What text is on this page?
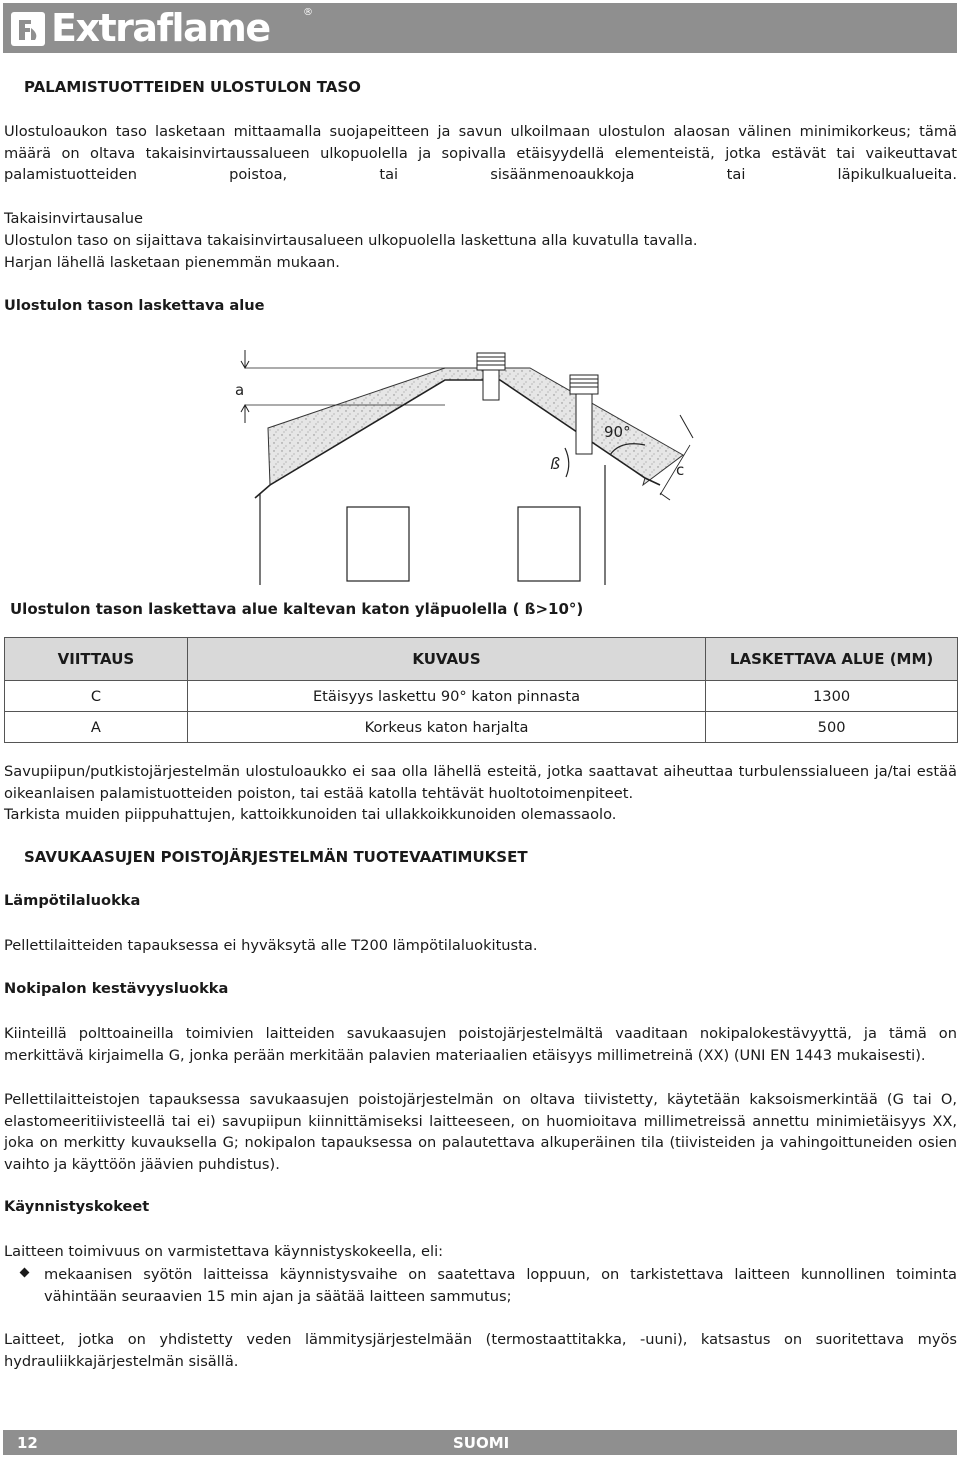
Extraflame	®
PALAMISTUOTTEIDEN ULOSTULON TASO

Ulostuloaukon taso lasketaan mittaamalla suojapeitteen ja savun ulkoilmaan ulostulon alaosan välinen minimikorkeus; tämä määrä on oltava takaisinvirtaussalueen ulkopuolella ja sopivalla etäisyydellä elementeistä, jotka estävät tai vaikeuttavat palamistuotteiden poistoa, tai sisäänmenoaukkoja tai läpikulkualueita.

Takaisinvirtausalue

Ulostulon taso on sijaittava takaisinvirtausalueen ulkopuolella laskettuna alla kuvatulla tavalla.

Harjan lähellä lasketaan pienemmän mukaan.

Ulostulon tason laskettava alue
a
c
90°
ß

Ulostulon tason laskettava alue kaltevan katon yläpuolella ( ß>10°)

VIITTAUS	KUVAUS	LASKETTAVA ALUE (MM)
C	Etäisyys laskettu 90° katon pinnasta	1300
A	Korkeus katon harjalta	500

Savupiipun/putkistojärjestelmän ulostuloaukko ei saa olla lähellä esteitä, jotka saattavat aiheuttaa turbulenssialueen ja/tai estää oikeanlaisen palamistuotteiden poiston, tai estää katolla tehtävät huoltotoimenpiteet.

Tarkista muiden piippuhattujen, kattoikkunoiden tai ullakkoikkunoiden olemassaolo.

SAVUKAASUJEN POISTOJÄRJESTELMÄN TUOTEVAATIMUKSET
Lämpötilaluokka

Pellettilaitteiden tapauksessa ei hyväksytä alle T200 lämpötilaluokitusta.

Nokipalon kestävyysluokka

Kiinteillä polttoaineilla toimivien laitteiden savukaasujen poistojärjestelmältä vaaditaan nokipalokestävyyttä, ja tämä on merkittävä kirjaimella G, jonka perään merkitään palavien materiaalien etäisyys millimetreinä (XX) (UNI EN 1443 mukaisesti).

Pellettilaitteistojen tapauksessa savukaasujen poistojärjestelmän on oltava tiivistetty, käytetään kaksoismerkintää (G tai O, elastomeeritiivisteellä tai ei) savupiipun kiinnittämiseksi laitteeseen, on huomioitava millimetreissä annettu minimietäisyys XX, joka on merkitty kuvauksella G; nokipalon tapauksessa on palautettava alkuperäinen tila (tiivisteiden ja vahingoittuneiden osien vaihto ja käyttöön jäävien puhdistus).

Käynnistyskokeet

Laitteen toimivuus on varmistettava käynnistyskokeella, eli:

mekaanisen syötön laitteissa käynnistysvaihe on saatettava loppuun, on tarkistettava laitteen kunnollinen toiminta vähintään seuraavien 15 min ajan ja säätää laitteen sammutus;

Laitteet, jotka on yhdistetty veden lämmitysjärjestelmään (termostaattitakka, -uuni), katsastus on suoritettava myös hydrauliikkajärjestelmän sisällä.

12	SUOMI
